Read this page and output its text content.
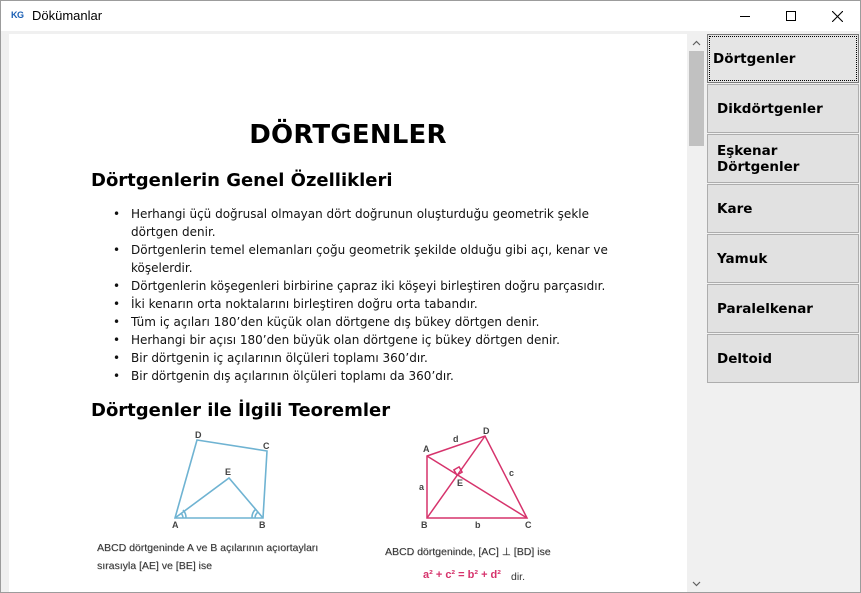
KG Dökümanlar
DÖRTGENLER
Dörtgenlerin Genel Özellikleri
• Herhangi üçü doğrusal olmayan dört doğrunun oluşturduğu geometrik şekle dörtgen denir.
• Dörtgenlerin temel elemanları çoğu geometrik şekilde olduğu gibi açı, kenar ve köşelerdir.
• Dörtgenlerin köşegenleri birbirine çapraz iki köşeyi birleştiren doğru parçasıdır.
• İki kenarın orta noktalarını birleştiren doğru orta tabandır.
• Tüm iç açıları 180’den küçük olan dörtgene dış bükey dörtgen denir.
• Herhangi bir açısı 180’den büyük olan dörtgene iç bükey dörtgen denir.
• Bir dörtgenin iç açılarının ölçüleri toplamı 360’dır.
• Bir dörtgenin dış açılarının ölçüleri toplamı da 360’dır.
Dörtgenler ile İlgili Teoremler
D
C
E
A	B
ABCD dörtgeninde A ve B açılarının açıortayları
sırasıyla [AE] ve [BE] ise
A
D
E
B	C
d
a
c
b
ABCD dörtgeninde, [AC] ⊥ [BD] ise
a² + c² = b² + d² dir.
Dörtgenler
Dikdörtgenler
Eşkenar Dörtgenler
Kare
Yamuk
Paralelkenar
Deltoid
